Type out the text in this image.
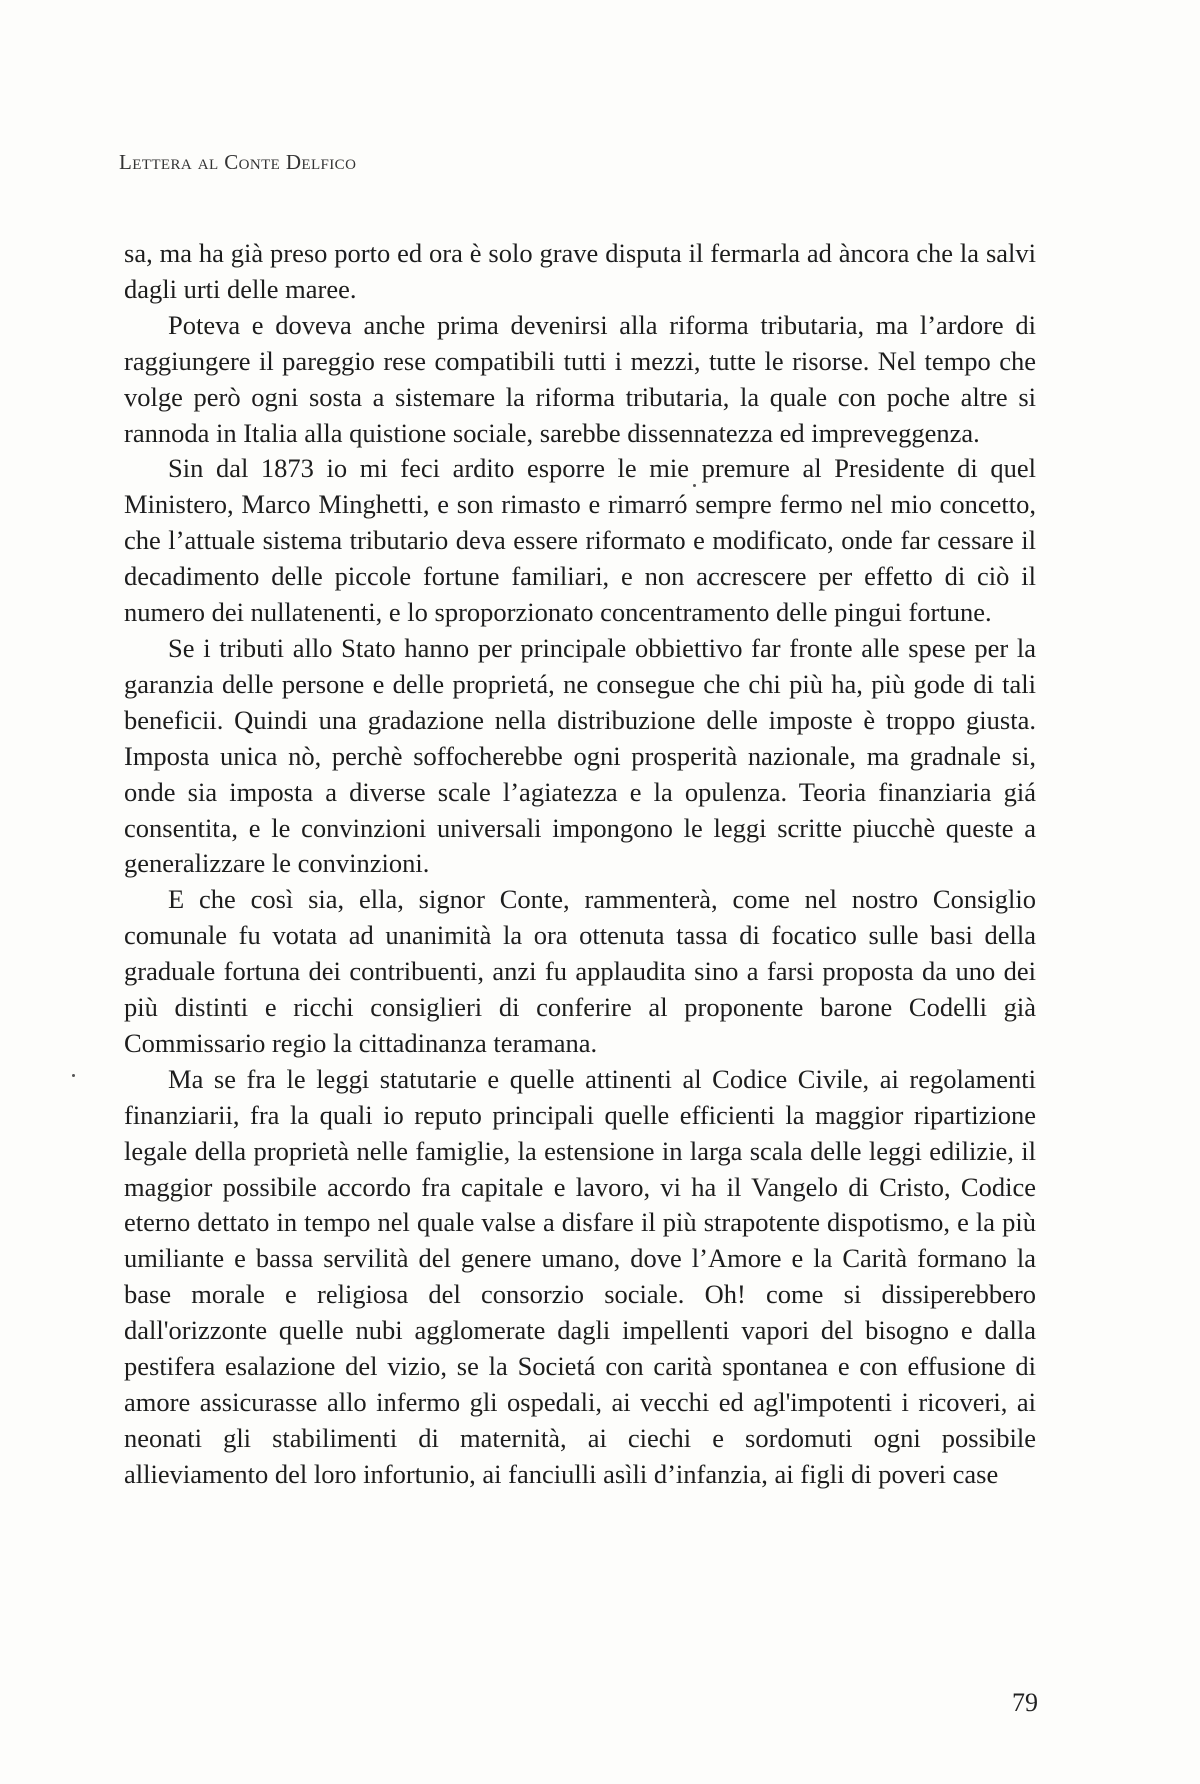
Lettera al Conte Delfico

sa, ma ha già preso porto ed ora è solo grave disputa il fermarla ad àncora che la salvi dagli urti delle maree.

Poteva e doveva anche prima devenirsi alla riforma tributaria, ma l’ardore di raggiungere il pareggio rese compatibili tutti i mezzi, tutte le risorse. Nel tempo che volge però ogni sosta a sistemare la riforma tributaria, la quale con poche altre si rannoda in Italia alla quistione sociale, sarebbe dissennatezza ed impreveggenza.

Sin dal 1873 io mi feci ardito esporre le mie premure al Presidente di quel Ministero, Marco Minghetti, e son rimasto e rimarró sempre fermo nel mio concetto, che l’attuale sistema tributario deva essere riformato e modificato, onde far cessare il decadimento delle piccole fortune familiari, e non accrescere per effetto di ciò il numero dei nullatenenti, e lo sproporzionato concentramento delle pingui fortune.

Se i tributi allo Stato hanno per principale obbiettivo far fronte alle spese per la garanzia delle persone e delle proprietá, ne consegue che chi più ha, più gode di tali beneficii. Quindi una gradazione nella distribuzione delle imposte è troppo giusta. Imposta unica nò, perchè soffocherebbe ogni prosperità nazionale, ma gradnale si, onde sia imposta a diverse scale l’agiatezza e la opulenza. Teoria finanziaria giá consentita, e le convinzioni universali impongono le leggi scritte piucchè queste a generalizzare le convinzioni.

E che così sia, ella, signor Conte, rammenterà, come nel nostro Consiglio comunale fu votata ad unanimità la ora ottenuta tassa di focatico sulle basi della graduale fortuna dei contribuenti, anzi fu applaudita sino a farsi proposta da uno dei più distinti e ricchi consiglieri di conferire al proponente barone Codelli già Commissario regio la cittadinanza teramana.

Ma se fra le leggi statutarie e quelle attinenti al Codice Civile, ai regolamenti finanziarii, fra la quali io reputo principali quelle efficienti la maggior ripartizione legale della proprietà nelle famiglie, la estensione in larga scala delle leggi edilizie, il maggior possibile accordo fra capitale e lavoro, vi ha il Vangelo di Cristo, Codice eterno dettato in tempo nel quale valse a disfare il più strapotente dispotismo, e la più umiliante e bassa servilità del genere umano, dove l’Amore e la Carità formano la base morale e religiosa del consorzio sociale. Oh! come si dissiperebbero dall'orizzonte quelle nubi agglomerate dagli impellenti vapori del bisogno e dalla pestifera esalazione del vizio, se la Societá con carità spontanea e con effusione di amore assicurasse allo infermo gli ospedali, ai vecchi ed agl'impotenti i ricoveri, ai neonati gli stabilimenti di maternità, ai ciechi e sordomuti ogni possibile allieviamento del loro infortunio, ai fanciulli asìli d’infanzia, ai figli di poveri case

79
